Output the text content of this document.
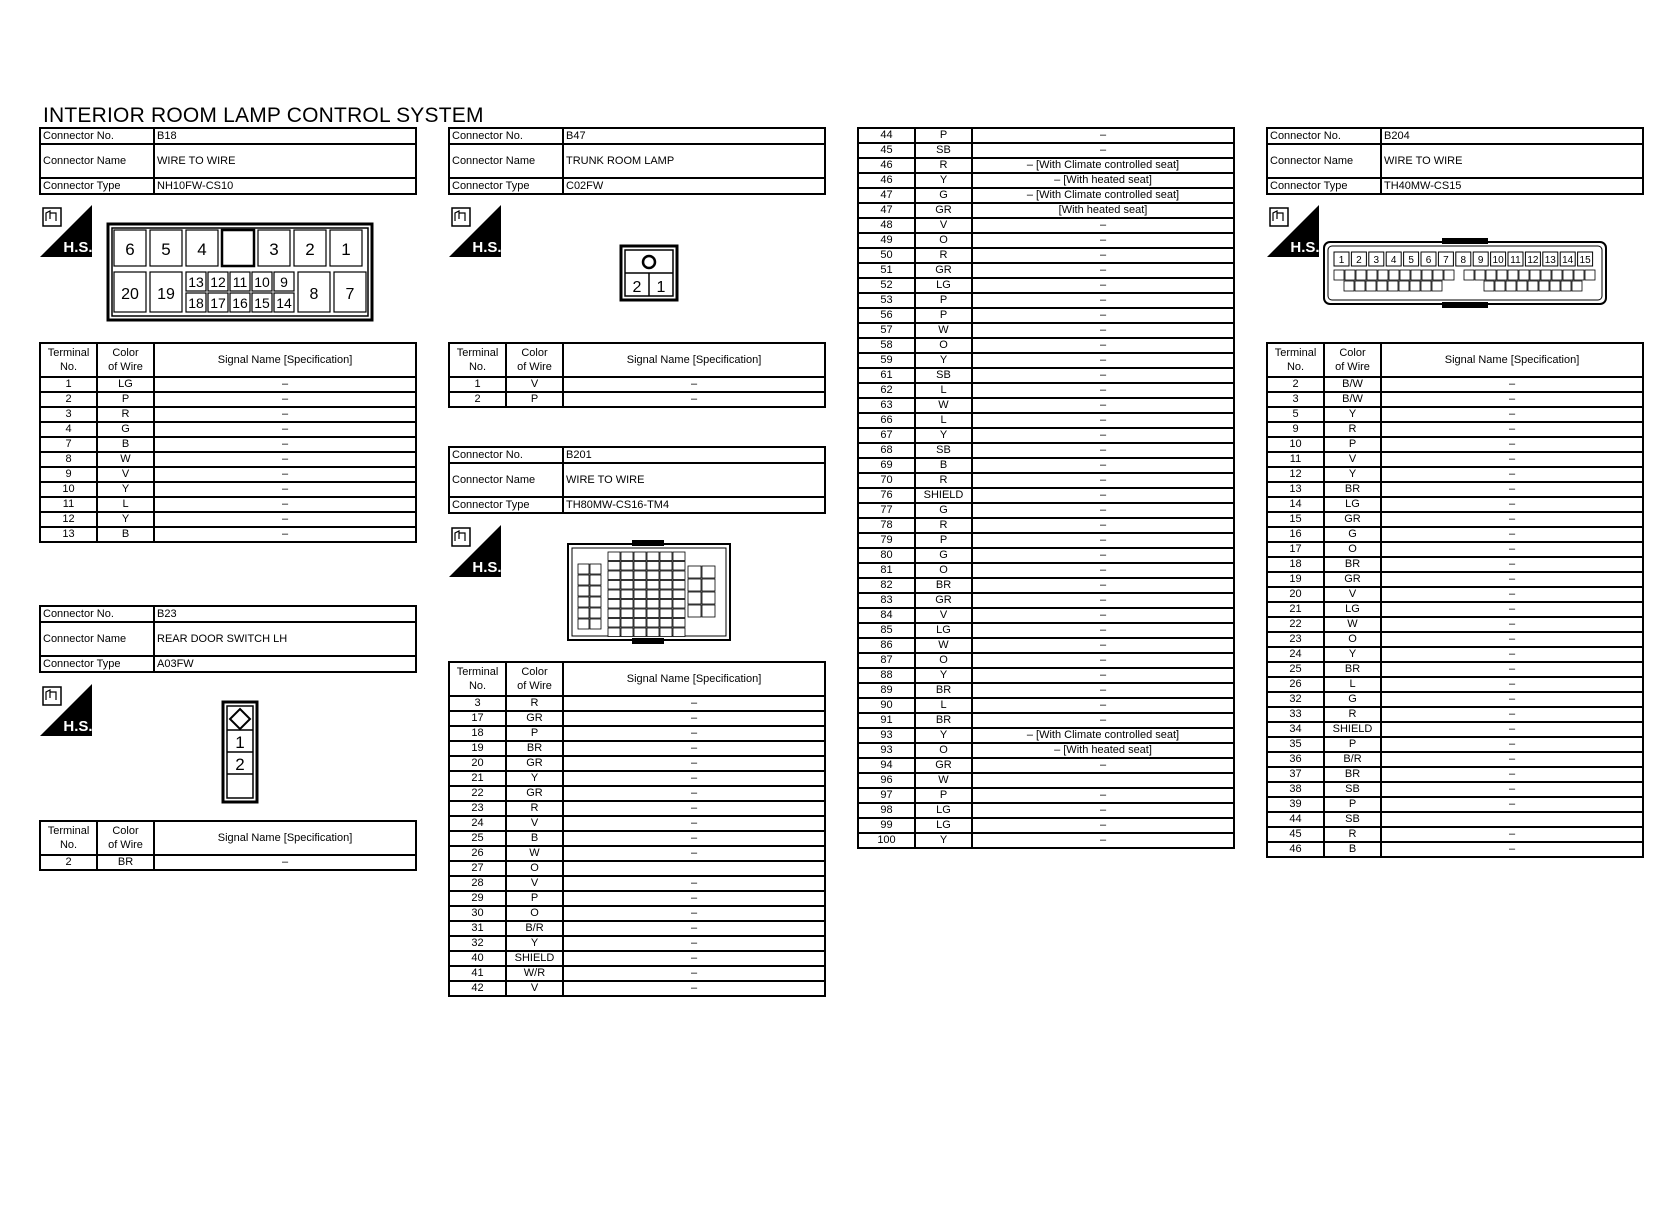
INTERIOR ROOM LAMP CONTROL SYSTEM
Connector No.	B18
Connector Name	WIRE TO WIRE
Connector Type	NH10FW-CS10
H.S. 6 5 4	3 2 1
20 19
13 12 11 10 9
18 17 16 15 14 8 7
Terminal
No.	Color
of Wire	Signal Name [Specification]
1	LG	–
2	P	–
3	R	–
4	G	–
7	B	–
8	W	–
9	V	–
10	Y	–
11	L	–
12	Y	–
13	B	–
Connector No.	B23
Connector Name	REAR DOOR SWITCH LH
Connector Type	A03FW
H.S.
1
2
Terminal
No.	Color
of Wire	Signal Name [Specification]
2	BR	–
Connector No.	B47
Connector Name	TRUNK ROOM LAMP
Connector Type	C02FW
H.S.
2 1
Terminal
No.	Color
of Wire	Signal Name [Specification]
1	V	–
2	P	–
Connector No.	B201
Connector Name	WIRE TO WIRE
Connector Type	TH80MW-CS16-TM4
H.S.
Terminal
No.	Color
of Wire	Signal Name [Specification]
3	R	–
17	GR	–
18	P	–
19	BR	–
20	GR	–
21	Y	–
22	GR	–
23	R	–
24	V	–
25	B	–
26	W	–
27	O	
28	V	–
29	P	–
30	O	–
31	B/R	–
32	Y	–
40	SHIELD	–
41	W/R	–
42	V	–
44	P	–
45	SB	–
46	R	– [With Climate controlled seat]
46	Y	– [With heated seat]
47	G	– [With Climate controlled seat]
47	GR	[With heated seat]
48	V	–
49	O	–
50	R	–
51	GR	–
52	LG	–
53	P	–
56	P	–
57	W	–
58	O	–
59	Y	–
61	SB	–
62	L	–
63	W	–
66	L	–
67	Y	–
68	SB	–
69	B	–
70	R	–
76	SHIELD	–
77	G	–
78	R	–
79	P	–
80	G	–
81	O	–
82	BR	–
83	GR	–
84	V	–
85	LG	–
86	W	–
87	O	–
88	Y	–
89	BR	–
90	L	–
91	BR	–
93	Y	– [With Climate controlled seat]
93	O	– [With heated seat]
94	GR	–
96	W	
97	P	–
98	LG	–
99	LG	–
100	Y	–
Connector No.	B204
Connector Name	WIRE TO WIRE
Connector Type	TH40MW-CS15
H.S.
1 2 3 4 5 6 7 8 9 10 11 12 13 14 15
Terminal
No.	Color
of Wire	Signal Name [Specification]
2	B/W	–
3	B/W	–
5	Y	–
9	R	–
10	P	–
11	V	–
12	Y	–
13	BR	–
14	LG	–
15	GR	–
16	G	–
17	O	–
18	BR	–
19	GR	–
20	V	–
21	LG	–
22	W	–
23	O	–
24	Y	–
25	BR	–
26	L	–
32	G	–
33	R	–
34	SHIELD	–
35	P	–
36	B/R	–
37	BR	–
38	SB	–
39	P	–
44	SB	
45	R	–
46	B	–
